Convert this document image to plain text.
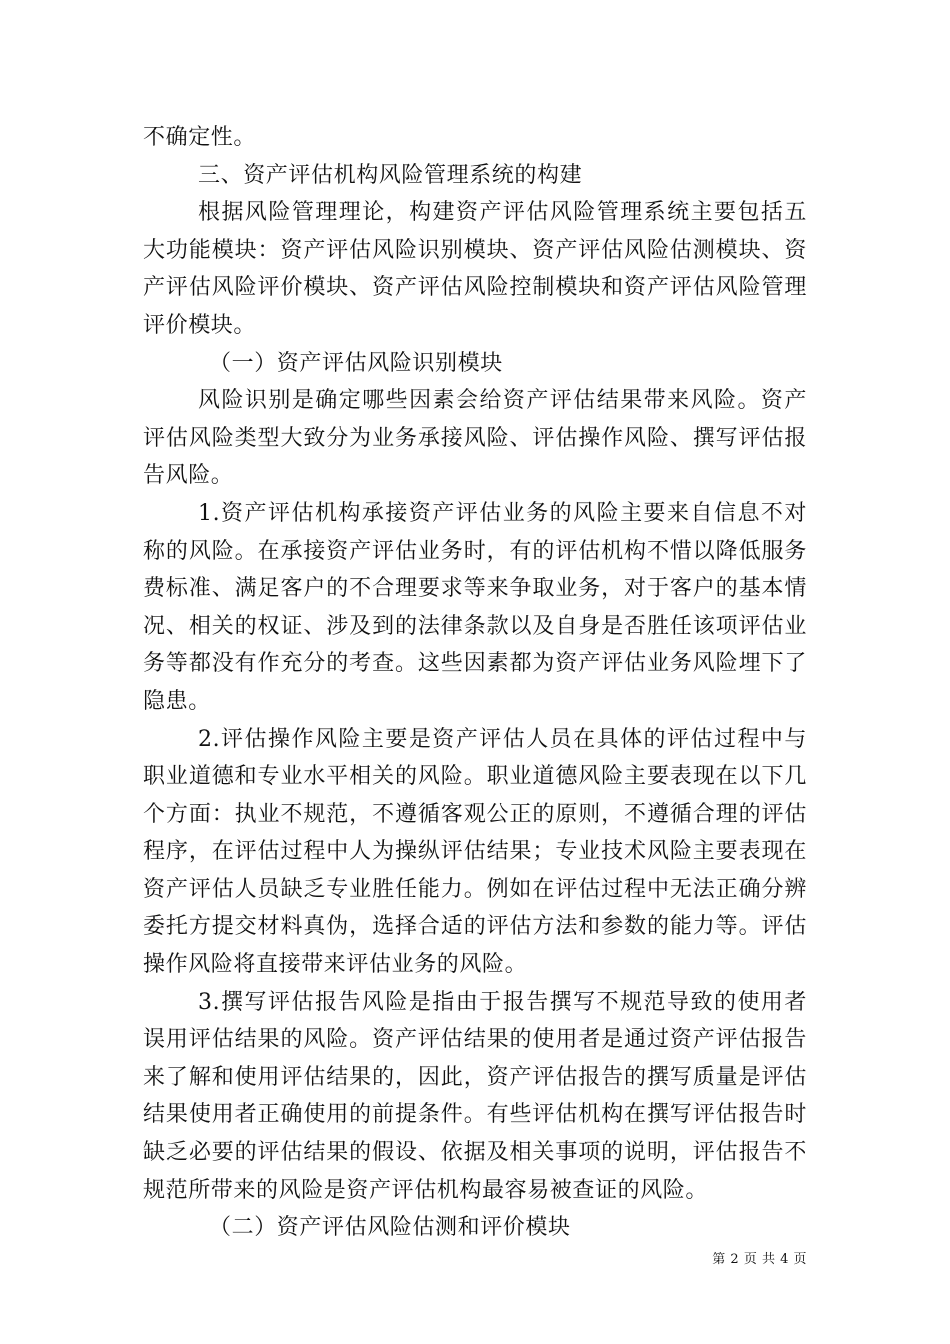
不确定性。

三、资产评估机构风险管理系统的构建

根据风险管理理论，构建资产评估风险管理系统主要包括五大功能模块：资产评估风险识别模块、资产评估风险估测模块、资产评估风险评价模块、资产评估风险控制模块和资产评估风险管理评价模块。

（一）资产评估风险识别模块

风险识别是确定哪些因素会给资产评估结果带来风险。资产评估风险类型大致分为业务承接风险、评估操作风险、撰写评估报告风险。

1.资产评估机构承接资产评估业务的风险主要来自信息不对称的风险。在承接资产评估业务时，有的评估机构不惜以降低服务费标准、满足客户的不合理要求等来争取业务，对于客户的基本情况、相关的权证、涉及到的法律条款以及自身是否胜任该项评估业务等都没有作充分的考查。这些因素都为资产评估业务风险埋下了隐患。

2.评估操作风险主要是资产评估人员在具体的评估过程中与职业道德和专业水平相关的风险。职业道德风险主要表现在以下几个方面：执业不规范，不遵循客观公正的原则，不遵循合理的评估程序，在评估过程中人为操纵评估结果；专业技术风险主要表现在资产评估人员缺乏专业胜任能力。例如在评估过程中无法正确分辨委托方提交材料真伪，选择合适的评估方法和参数的能力等。评估操作风险将直接带来评估业务的风险。

3.撰写评估报告风险是指由于报告撰写不规范导致的使用者误用评估结果的风险。资产评估结果的使用者是通过资产评估报告来了解和使用评估结果的，因此，资产评估报告的撰写质量是评估结果使用者正确使用的前提条件。有些评估机构在撰写评估报告时缺乏必要的评估结果的假设、依据及相关事项的说明，评估报告不规范所带来的风险是资产评估机构最容易被查证的风险。

（二）资产评估风险估测和评价模块

第 2 页 共 4 页
